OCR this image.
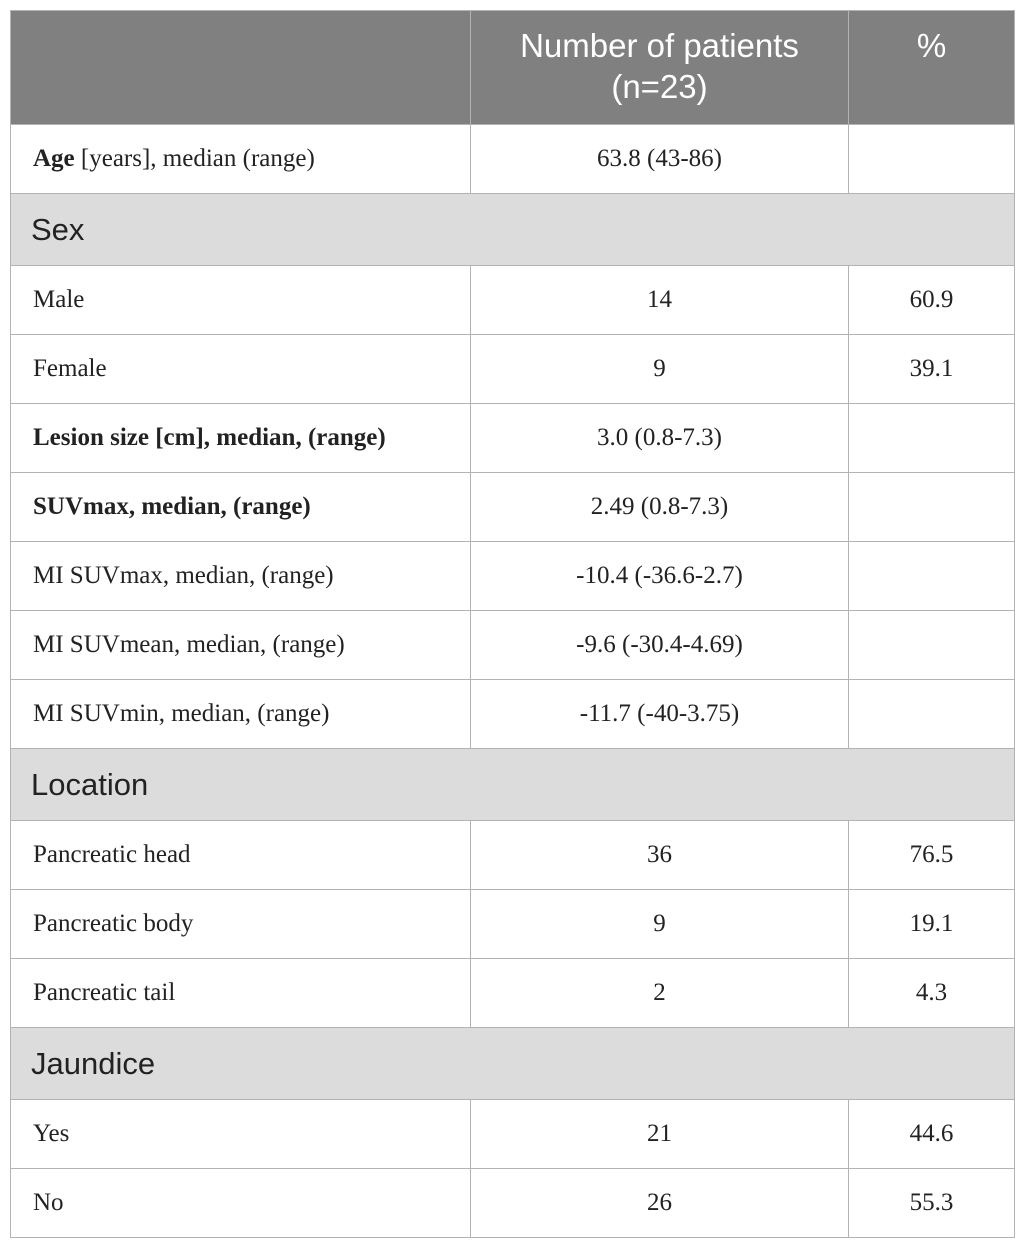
	Number of patients (n=23)	%
Age [years], median (range)	63.8 (43-86)	
Sex		
Male	14	60.9
Female	9	39.1
Lesion size [cm], median, (range)	3.0 (0.8-7.3)	
SUVmax, median, (range)	2.49 (0.8-7.3)	
MI SUVmax, median, (range)	-10.4 (-36.6-2.7)	
MI SUVmean, median, (range)	-9.6 (-30.4-4.69)	
MI SUVmin, median, (range)	-11.7 (-40-3.75)	
Location		
Pancreatic head	36	76.5
Pancreatic body	9	19.1
Pancreatic tail	2	4.3
Jaundice		
Yes	21	44.6
No	26	55.3
